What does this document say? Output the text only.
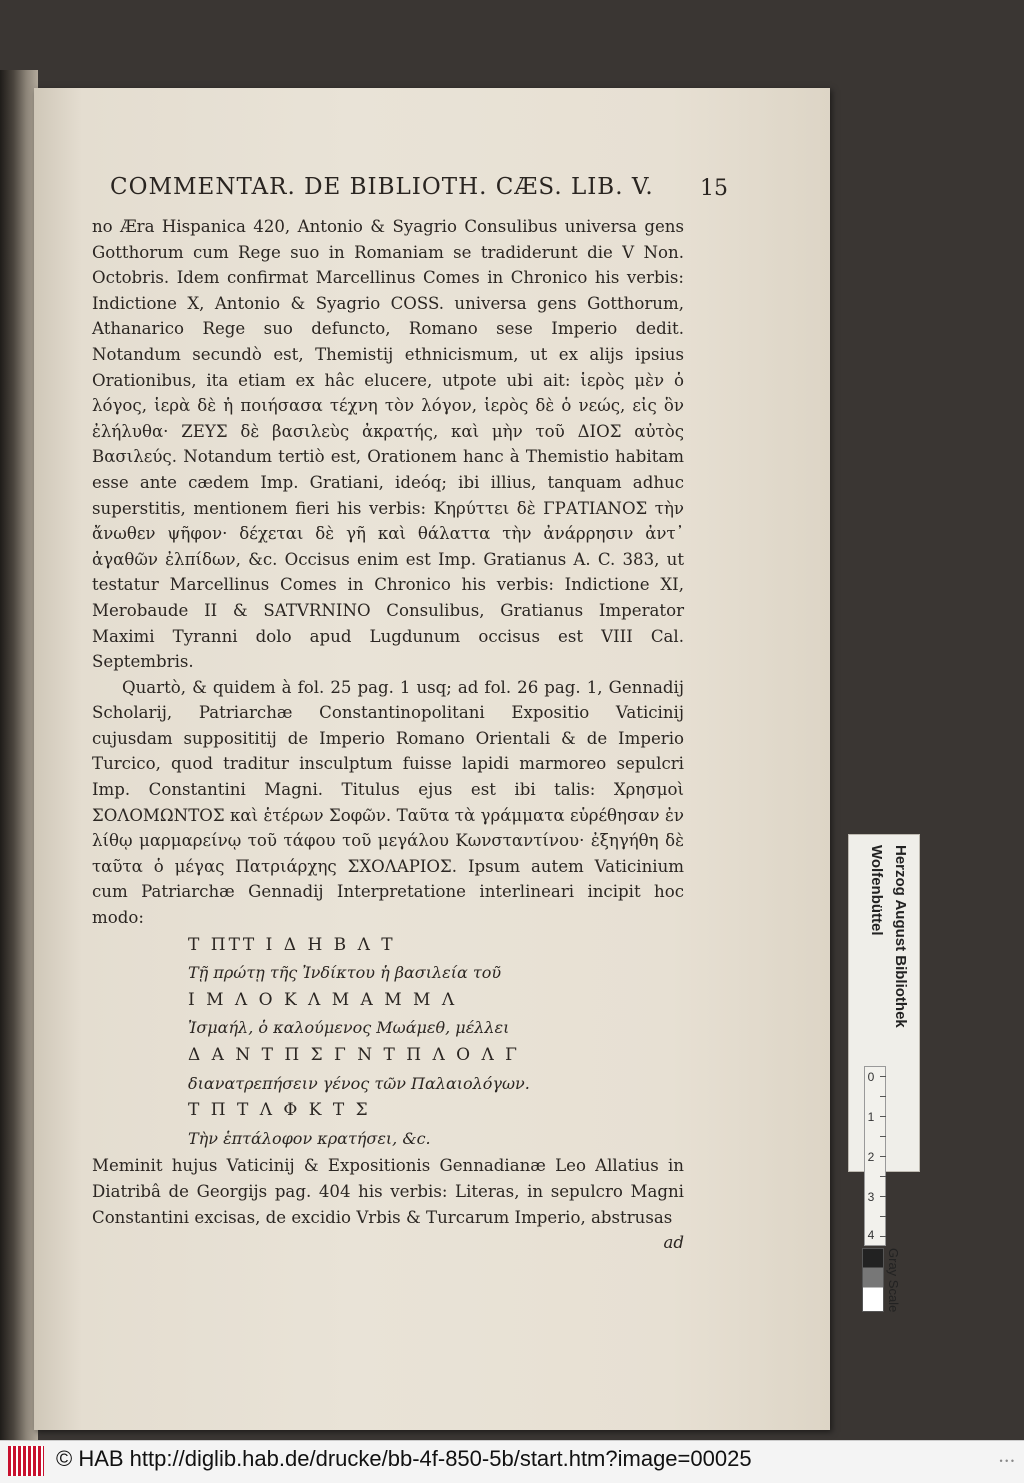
COMMENTAR. DE BIBLIOTH. CÆS. LIB. V.	15

no Æra Hispanica 420, Antonio & Syagrio Consulibus universa gens Gotthorum cum Rege suo in Romaniam se tradiderunt die V Non. Octobris. Idem confirmat Marcellinus Comes in Chronico his verbis: Indictione X, Antonio & Syagrio COSS. universa gens Gotthorum, Athanarico Rege suo defuncto, Romano sese Imperio dedit. Notandum secundò est, Themistij ethnicismum, ut ex alijs ipsius Orationibus, ita etiam ex hâc elucere, utpote ubi ait: ἱερὸς μὲν ὁ λόγος, ἱερὰ δὲ ἡ ποιήσασα τέχνη τὸν λόγον, ἱερὸς δὲ ὁ νεώς, εἰς ὃν ἐλήλυθα· ΖΕΥΣ δὲ βασιλεὺς ἀκρατής, καὶ μὴν τοῦ ΔΙΟΣ αὐτὸς Βασιλεύς. Notandum tertiò est, Orationem hanc à Themistio habitam esse ante cædem Imp. Gratiani, ideóq; ibi illius, tanquam adhuc superstitis, mentionem fieri his verbis: Κηρύττει δὲ ΓΡΑΤΙΑΝΟΣ τὴν ἄνωθεν ψῆφον· δέχεται δὲ γῆ καὶ θάλαττα τὴν ἀνάρρησιν ἀντ᾽ ἀγαθῶν ἐλπίδων, &c. Occisus enim est Imp. Gratianus A. C. 383, ut testatur Marcellinus Comes in Chronico his verbis: Indictione XI, Merobaude II & SATVRNINO Consulibus, Gratianus Imperator Maximi Tyranni dolo apud Lugdunum occisus est VIII Cal. Septembris.

Quartò, & quidem à fol. 25 pag. 1 usq; ad fol. 26 pag. 1, Gennadij Scholarij, Patriarchæ Constantinopolitani Expositio Vaticinij cujusdam supposititij de Imperio Romano Orientali & de Imperio Turcico, quod traditur insculptum fuisse lapidi marmoreo sepulcri Imp. Constantini Magni. Titulus ejus est ibi talis: Χρησμοὶ ΣΟΛΟΜΩΝΤΟΣ καὶ ἑτέρων Σοφῶν. Ταῦτα τὰ γράμματα εὑρέθησαν ἐν λίθῳ μαρμαρείνῳ τοῦ τάφου τοῦ μεγάλου Κωνσταντίνου· ἐξηγήθη δὲ ταῦτα ὁ μέγας Πατριάρχης ΣΧΟΛΑΡΙΟΣ. Ipsum autem Vaticinium cum Patriarchæ Gennadij Interpretatione interlineari incipit hoc modo:

Τ ΠΤΤ Ι Δ Η Β Λ Τ

Τῇ πρώτῃ τῆς Ἰνδίκτου ἡ βασιλεία τοῦ

Ι Μ Λ Ο Κ Λ Μ Α Μ Μ Λ

Ἰσμαήλ, ὁ καλούμενος Μωάμεθ, μέλλει

Δ Α Ν Τ Π Σ Γ Ν Τ Π Λ Ο Λ Γ

διανατρεπήσειν γένος τῶν Παλαιολόγων.

Τ Π Τ Λ Φ Κ Τ Σ

Τὴν ἑπτάλοφον κρατήσει, &c.

Meminit hujus Vaticinij & Expositionis Gennadianæ Leo Allatius in Diatribâ de Georgijs pag. 404 his verbis: Literas, in sepulcro Magni Constantini excisas, de excidio Vrbis & Turcarum Imperio, abstrusas

ad

Herzog August Bibliothek
Wolfenbüttel
0
1
2
3
4
Gray Scale
© HAB http://diglib.hab.de/drucke/bb-4f-850-5b/start.htm?image=00025	• • •
